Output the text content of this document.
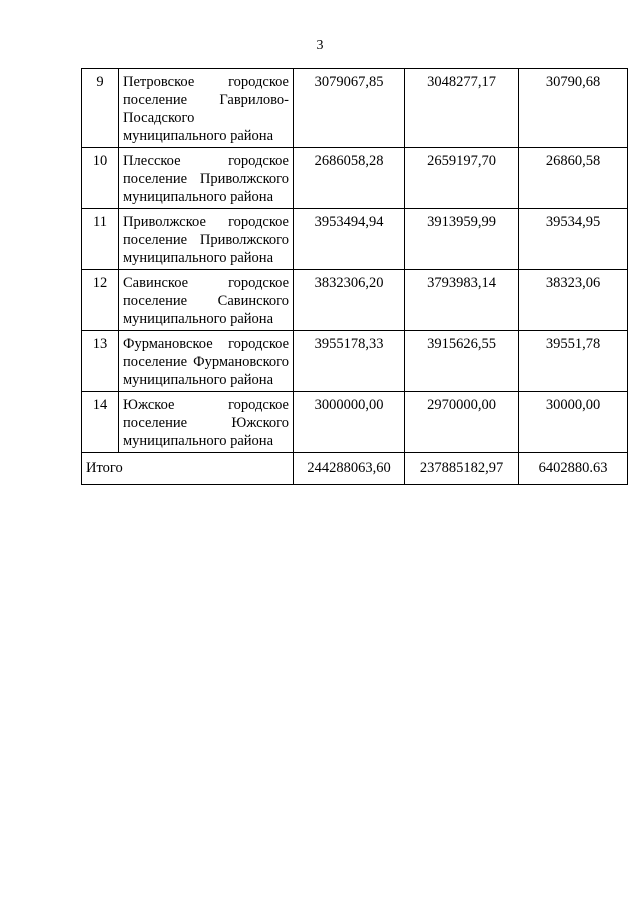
3
9	Петровское городское поселение Гаврилово-Посадского муниципального района	3079067,85	3048277,17	30790,68
10	Плесское городское поселение Приволжского муниципального района	2686058,28	2659197,70	26860,58
11	Приволжское городское поселение Приволжского муниципального района	3953494,94	3913959,99	39534,95
12	Савинское городское поселение Савинского муниципального района	3832306,20	3793983,14	38323,06
13	Фурмановское городское поселение Фурмановского муниципального района	3955178,33	3915626,55	39551,78
14	Южское городское поселение Южского муниципального района	3000000,00	2970000,00	30000,00
Итого		244288063,60	237885182,97	6402880.63
